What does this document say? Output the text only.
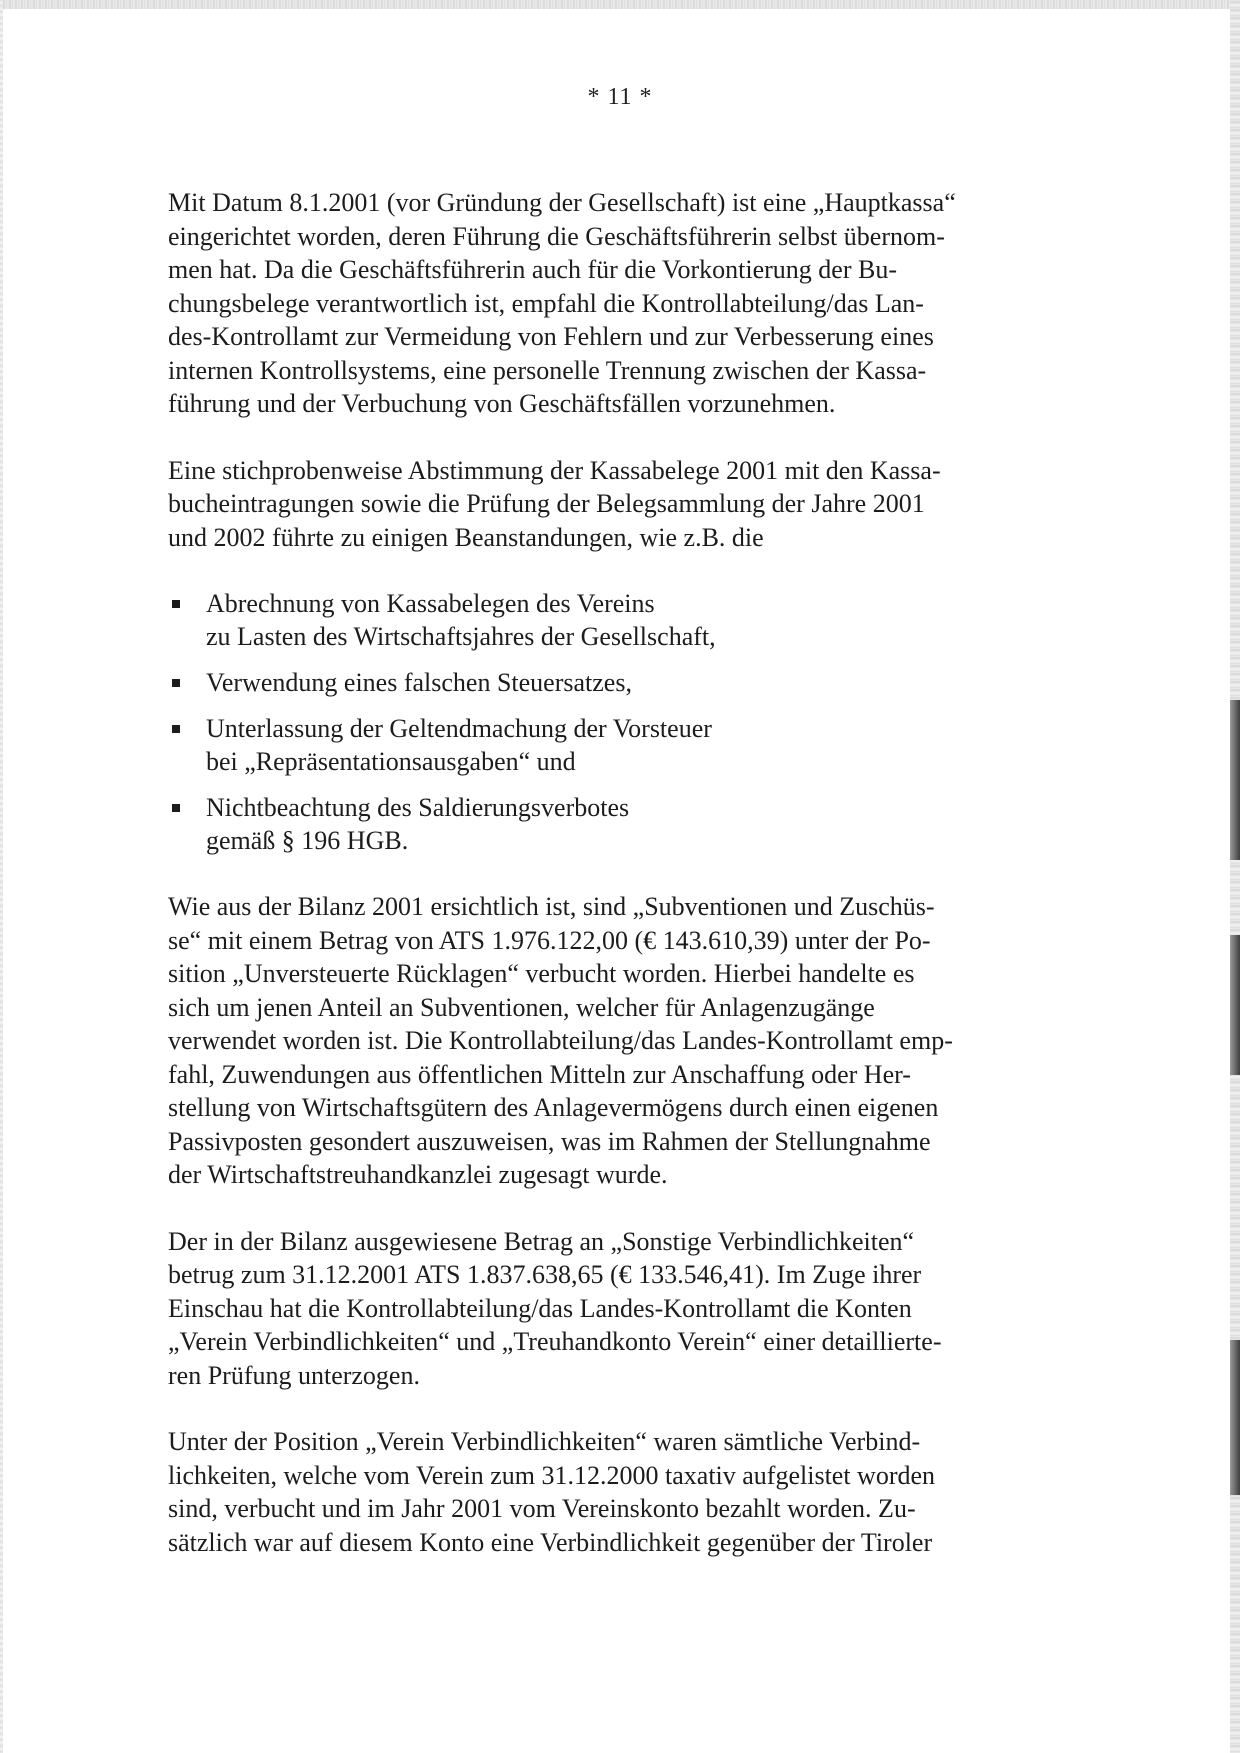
* 11 *

Mit Datum 8.1.2001 (vor Gründung der Gesellschaft) ist eine „Hauptkassa“
eingerichtet worden, deren Führung die Geschäftsführerin selbst übernom-
men hat. Da die Geschäftsführerin auch für die Vorkontierung der Bu-
chungsbelege verantwortlich ist, empfahl die Kontrollabteilung/das Lan-
des-Kontrollamt zur Vermeidung von Fehlern und zur Verbesserung eines
internen Kontrollsystems, eine personelle Trennung zwischen der Kassa-
führung und der Verbuchung von Geschäftsfällen vorzunehmen.

Eine stichprobenweise Abstimmung der Kassabelege 2001 mit den Kassa-
bucheintragungen sowie die Prüfung der Belegsammlung der Jahre 2001
und 2002 führte zu einigen Beanstandungen, wie z.B. die

Abrechnung von Kassabelegen des Vereins
zu Lasten des Wirtschaftsjahres der Gesellschaft,
Verwendung eines falschen Steuersatzes,
Unterlassung der Geltendmachung der Vorsteuer
bei „Repräsentationsausgaben“ und
Nichtbeachtung des Saldierungsverbotes
gemäß § 196 HGB.

Wie aus der Bilanz 2001 ersichtlich ist, sind „Subventionen und Zuschüs-
se“ mit einem Betrag von ATS 1.976.122,00 (€ 143.610,39) unter der Po-
sition „Unversteuerte Rücklagen“ verbucht worden. Hierbei handelte es
sich um jenen Anteil an Subventionen, welcher für Anlagenzugänge
verwendet worden ist. Die Kontrollabteilung/das Landes-Kontrollamt emp-
fahl, Zuwendungen aus öffentlichen Mitteln zur Anschaffung oder Her-
stellung von Wirtschaftsgütern des Anlagevermögens durch einen eigenen
Passivposten gesondert auszuweisen, was im Rahmen der Stellungnahme
der Wirtschaftstreuhandkanzlei zugesagt wurde.

Der in der Bilanz ausgewiesene Betrag an „Sonstige Verbindlichkeiten“
betrug zum 31.12.2001 ATS 1.837.638,65 (€ 133.546,41). Im Zuge ihrer
Einschau hat die Kontrollabteilung/das Landes-Kontrollamt die Konten
„Verein Verbindlichkeiten“ und „Treuhandkonto Verein“ einer detaillierte-
ren Prüfung unterzogen.

Unter der Position „Verein Verbindlichkeiten“ waren sämtliche Verbind-
lichkeiten, welche vom Verein zum 31.12.2000 taxativ aufgelistet worden
sind, verbucht und im Jahr 2001 vom Vereinskonto bezahlt worden. Zu-
sätzlich war auf diesem Konto eine Verbindlichkeit gegenüber der Tiroler
